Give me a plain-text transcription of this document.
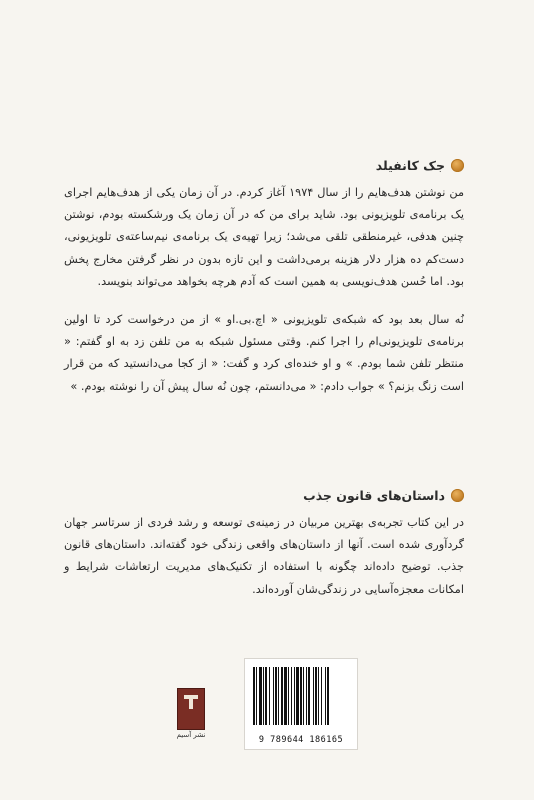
جک کانفیلد

من نوشتن هدف‌هایم را از سال ۱۹۷۴ آغاز کردم. در آن زمان یکی از هدف‌هایم اجرای یک برنامه‌ی تلویزیونی بود. شاید برای من که در آن زمان یک ورشکسته بودم، نوشتن چنین هدفی، غیرمنطقی تلقی می‌شد؛ زیرا تهیه‌ی یک برنامه‌ی نیم‌ساعته‌ی تلویزیونی، دست‌کم ده هزار دلار هزینه برمی‌داشت و این تازه بدون در نظر گرفتن مخارج پخش بود. اما حُسن هدف‌نویسی به همین است که آدم هرچه بخواهد می‌تواند بنویسد.

نُه سال بعد بود که شبکه‌ی تلویزیونی « اچ.بی.او » از من درخواست کرد تا اولین برنامه‌ی تلویزیونی‌ام را اجرا کنم. وقتی مسئول شبکه به من تلفن زد به او گفتم: « منتظر تلفن شما بودم. » و او خنده‌ای کرد و گفت: « از کجا می‌دانستید که من قرار است زنگ بزنم؟ » جواب دادم: « می‌دانستم، چون نُه سال پیش آن را نوشته بودم. »

داستان‌های قانون جذب

در این کتاب تجربه‌ی بهترین مربیان در زمینه‌ی توسعه و رشد فردی از سرتاسر جهان گردآوری شده است. آنها از داستان‌های واقعی زندگی خود گفته‌اند. داستان‌های قانون جذب. توضیح داده‌اند چگونه با استفاده از تکنیک‌های مدیریت ارتعاشات شرایط و امکانات معجزه‌آسایی در زندگی‌شان آورده‌اند.

نشر آسیم	9 789644 186165
